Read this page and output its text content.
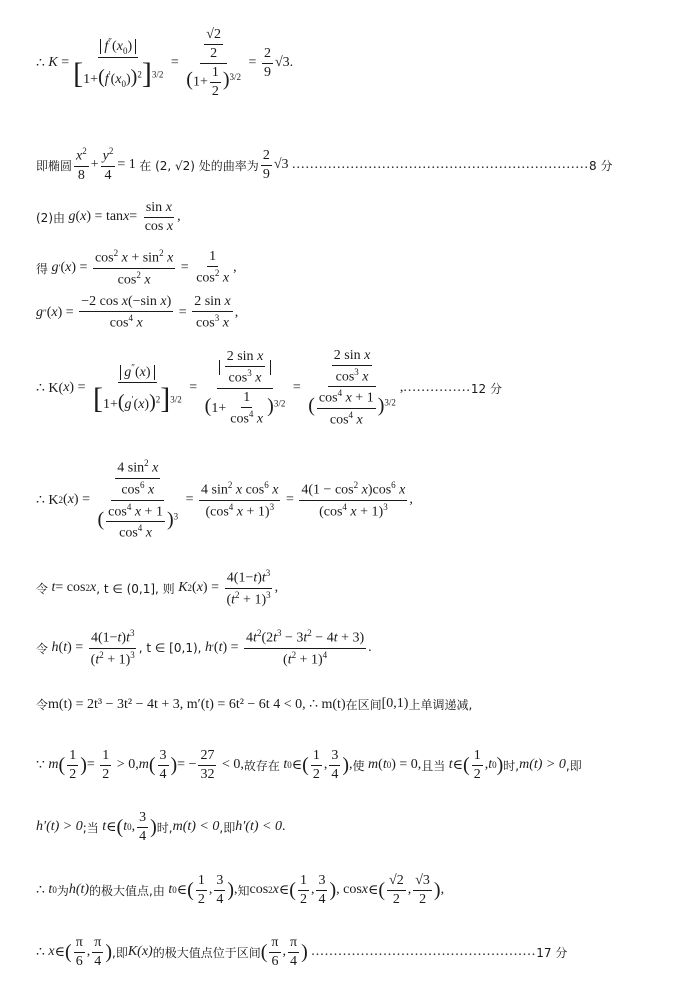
∴ $K = \frac{f''(x_0)}{[1+(f'(x_0))^2]^{3/2}} = \frac{\frac{√2}{2}}{(1+ \frac{1}{2} )^{3/2}} = \frac{2}{9} √3$.
即椭圆 $\frac{x^2}{8} + \frac{y^2}{4} = 1$ 在 (2, √2) 处的曲率为 $\frac{2}{9} √3$ .................................................................. 8 分
(2)由 g ( x ) = $\tan x = \frac{\text{sin x}}{\text{cos x}}$ ,
得 g ′ ( x ) = $\frac{\cos^2 x + \sin^2 x}{\cos^2 x} = \frac{1}{\cos^2 x}$ ,
g ″ ( x ) = $\frac{\text{−2 cos x(−sin x)}}{\cos^4 x} = \frac{\text{2 sin x}}{\cos^3 x}$ ,
∴ K( x ) = $\frac{g''(x)}{[1+(g'(x))^2]^{3/2}} = \frac{\frac{\text{2 sin x}}{\cos^3 x}}{(1+ \frac{1}{\cos^4 x} )^{3/2}} = \frac{\frac{\text{2 sin x}}{\cos^3 x}}{( \frac{\cos^4 x + 1}{\cos^4 x} )^{3/2}}$ , ............... 12 分
∴ K 2 ( x ) = $\frac{\frac{4 \sin^2 x}{\cos^6 x}}{( \frac{\cos^4 x + 1}{\cos^4 x} )^3} = \frac{4 \sin^2 x \cos^6 x}{(\cos^4 x + 1)^3} = \frac{4(1 - \cos^2 x)\cos^6 x}{(\cos^4 x + 1)^3}$ ,
令 t = cos 2 x , t ∈ (0,1], 则 K 2 ( x ) = $\frac{4(1-t)t^3}{(t^2 + 1)^3}$ ,
令 h ( t ) = $\frac{4(1-t)t^3}{(t^2 + 1)^3}$ , t ∈ [0,1), h ′ ( t ) = $\frac{4t^2(2t^3 - 3t^2 - 4t + 3)}{(t^2 + 1)^4}$ .
令 m(t) = 2t³ − 3t² − 4t + 3, m′(t) = 6t² − 6t 4 < 0, ∴ m(t) 在区间 [0,1) 上单调递减,
∵ m ( $\frac{1}{2}$ ) = $\frac{1}{2} > 0$, m ( $\frac{3}{4}$ ) = − $\frac{27}{32} < 0$, 故存在 t 0 ∈ ( $\frac{1}{2}$ , $\frac{3}{4}$ ) , 使 m ( t 0 ) = 0, 且当 t ∈ ( $\frac{1}{2}$ , t 0 ) 时, m(t) > 0 ,即
h′(t) > 0 ;当 t ∈ ( t 0 , $\frac{3}{4}$ ) 时, m(t) < 0 ,即 h′(t) < 0 .
∴ t 0 为 h(t) 的极大值点,由 t 0 ∈ ( $\frac{1}{2}$ , $\frac{3}{4}$ ) , 知 cos 2 x ∈ ( $\frac{1}{2}$ , $\frac{3}{4}$ ) , cos x ∈ ( $\frac{√2}{2}$ , $\frac{√3}{2}$ ) ,
∴ x ∈ ( $\frac{\pi}{6}$ , $\frac{\pi}{4}$ ) ,即 K(x) 的极大值点位于区间 ( $\frac{\pi}{6}$ , $\frac{\pi}{4}$ )
.................................................. 17 分
